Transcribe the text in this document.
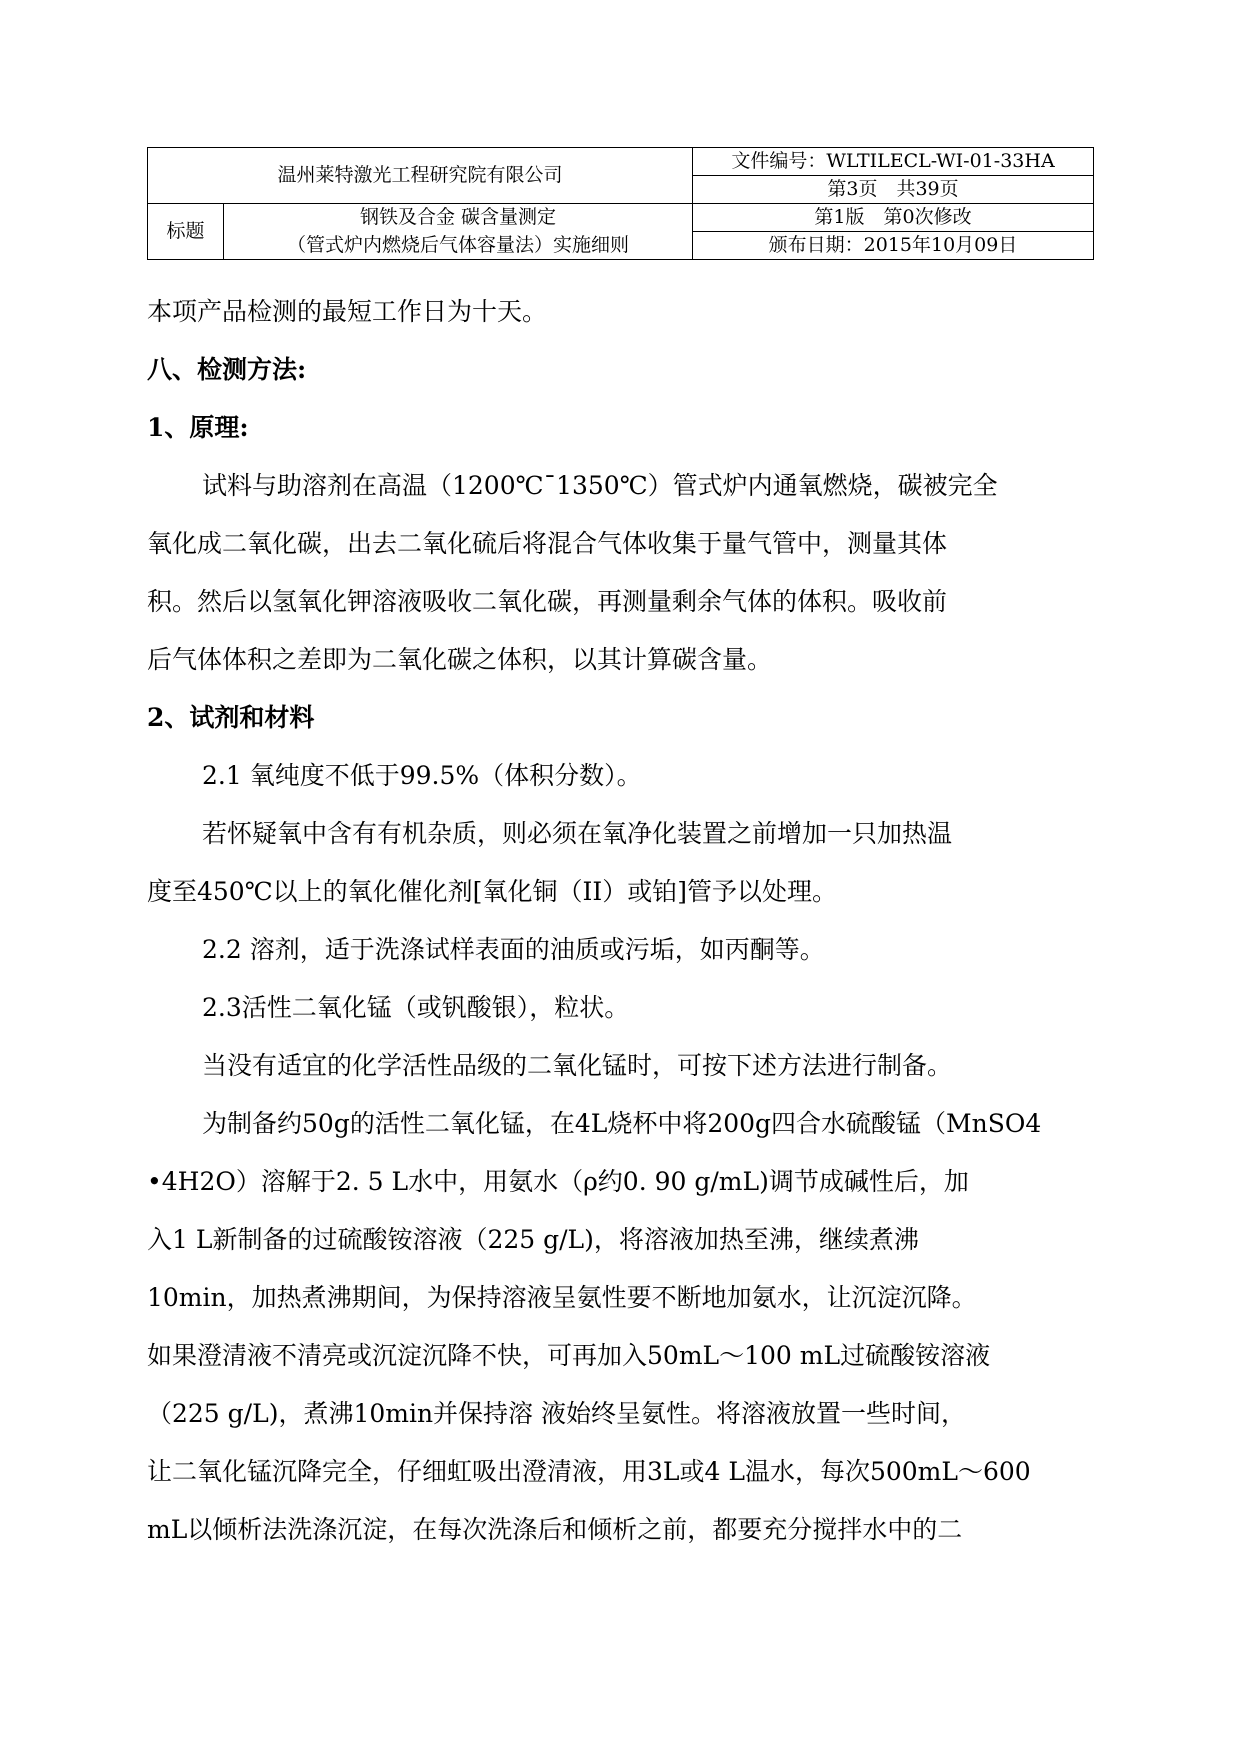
温州莱特激光工程研究院有限公司		文件编号：WLTILECL-WI-01-33HA
		第3页　共39页
标题	钢铁及合金 碳含量测定	第1版　第0次修改
	（管式炉内燃烧后气体容量法）实施细则	颁布日期：2015年10月09日
本项产品检测的最短工作日为十天。
八、检测方法:
1、原理:
试料与助溶剂在高温（1200℃¯1350℃）管式炉内通氧燃烧，碳被完全
氧化成二氧化碳，出去二氧化硫后将混合气体收集于量气管中，测量其体
积。然后以氢氧化钾溶液吸收二氧化碳，再测量剩余气体的体积。吸收前
后气体体积之差即为二氧化碳之体积，以其计算碳含量。
2、试剂和材料
2.1 氧纯度不低于99.5%（体积分数）。
若怀疑氧中含有有机杂质，则必须在氧净化装置之前增加一只加热温
度至450℃以上的氧化催化剂[氧化铜（II）或铂]管予以处理。
2.2 溶剂，适于洗涤试样表面的油质或污垢，如丙酮等。
2.3活性二氧化锰（或钒酸银），粒状。
当没有适宜的化学活性品级的二氧化锰时，可按下述方法进行制备。
为制备约50g的活性二氧化锰，在4L烧杯中将200g四合水硫酸锰（MnSO4
•4H2O）溶解于2. 5 L水中，用氨水（ρ约0. 90 g/mL)调节成碱性后，加
入1 L新制备的过硫酸铵溶液（225 g/L)，将溶液加热至沸，继续煮沸
10min，加热煮沸期间，为保持溶液呈氨性要不断地加氨水，让沉淀沉降。
如果澄清液不清亮或沉淀沉降不快，可再加入50mL～100 mL过硫酸铵溶液
（225 g/L)，煮沸10min并保持溶 液始终呈氨性。将溶液放置一些时间，
让二氧化锰沉降完全，仔细虹吸出澄清液，用3L或4 L温水，每次500mL～600
mL以倾析法洗涤沉淀，在每次洗涤后和倾析之前，都要充分搅拌水中的二
